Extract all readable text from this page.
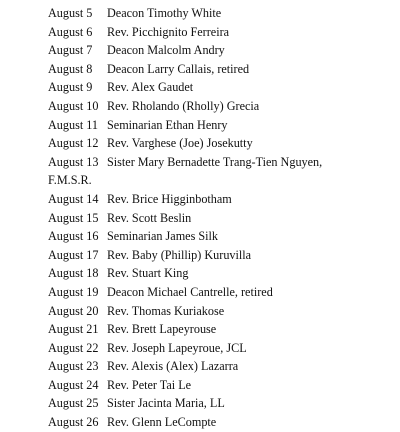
August 5 Deacon Timothy White
August 6 Rev. Picchignito Ferreira
August 7 Deacon Malcolm Andry
August 8 Deacon Larry Callais, retired
August 9 Rev. Alex Gaudet
August 10 Rev. Rholando (Rholly) Grecia
August 11 Seminarian Ethan Henry
August 12 Rev. Varghese (Joe) Josekutty
August 13 Sister Mary Bernadette Trang-Tien Nguyen,
F.M.S.R.
August 14 Rev. Brice Higginbotham
August 15 Rev. Scott Beslin
August 16 Seminarian James Silk
August 17 Rev. Baby (Phillip) Kuruvilla
August 18 Rev. Stuart King
August 19 Deacon Michael Cantrelle, retired
August 20 Rev. Thomas Kuriakose
August 21 Rev. Brett Lapeyrouse
August 22 Rev. Joseph Lapeyroue, JCL
August 23 Rev. Alexis (Alex) Lazarra
August 24 Rev. Peter Tai Le
August 25 Sister Jacinta Maria, LL
August 26 Rev. Glenn LeCompte
